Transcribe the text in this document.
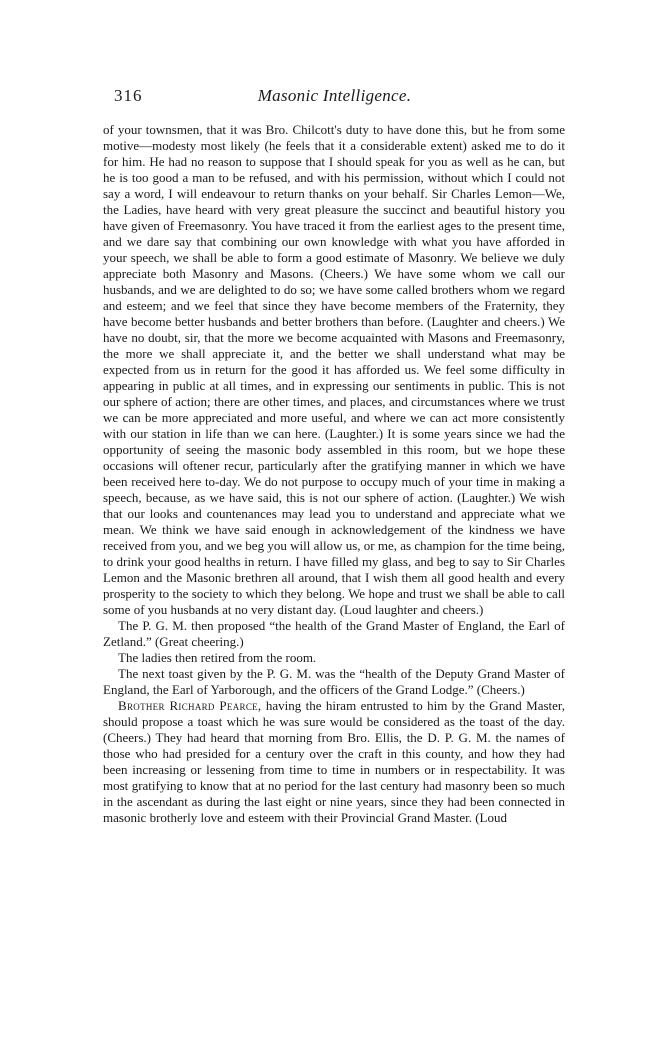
316	Masonic Intelligence.

of your townsmen, that it was Bro. Chilcott's duty to have done this, but he from some motive—modesty most likely (he feels that it a considerable extent) asked me to do it for him. He had no reason to suppose that I should speak for you as well as he can, but he is too good a man to be refused, and with his permission, without which I could not say a word, I will endeavour to return thanks on your behalf. Sir Charles Lemon—We, the Ladies, have heard with very great pleasure the succinct and beautiful history you have given of Freemasonry. You have traced it from the earliest ages to the present time, and we dare say that combining our own knowledge with what you have afforded in your speech, we shall be able to form a good estimate of Masonry. We believe we duly appreciate both Masonry and Masons. (Cheers.) We have some whom we call our husbands, and we are delighted to do so; we have some called brothers whom we regard and esteem; and we feel that since they have become members of the Fraternity, they have become better husbands and better brothers than before. (Laughter and cheers.) We have no doubt, sir, that the more we become acquainted with Masons and Freemasonry, the more we shall appreciate it, and the better we shall understand what may be expected from us in return for the good it has afforded us. We feel some difficulty in appearing in public at all times, and in expressing our sentiments in public. This is not our sphere of action; there are other times, and places, and circumstances where we trust we can be more appreciated and more useful, and where we can act more consistently with our station in life than we can here. (Laughter.) It is some years since we had the opportunity of seeing the masonic body assembled in this room, but we hope these occasions will oftener recur, particularly after the gratifying manner in which we have been received here to-day. We do not purpose to occupy much of your time in making a speech, because, as we have said, this is not our sphere of action. (Laughter.) We wish that our looks and countenances may lead you to understand and appreciate what we mean. We think we have said enough in acknowledgement of the kindness we have received from you, and we beg you will allow us, or me, as champion for the time being, to drink your good healths in return. I have filled my glass, and beg to say to Sir Charles Lemon and the Masonic brethren all around, that I wish them all good health and every prosperity to the society to which they belong. We hope and trust we shall be able to call some of you husbands at no very distant day. (Loud laughter and cheers.)

The P. G. M. then proposed “the health of the Grand Master of England, the Earl of Zetland.” (Great cheering.)

The ladies then retired from the room.

The next toast given by the P. G. M. was the “health of the Deputy Grand Master of England, the Earl of Yarborough, and the officers of the Grand Lodge.” (Cheers.)

Brother Richard Pearce, having the hiram entrusted to him by the Grand Master, should propose a toast which he was sure would be considered as the toast of the day. (Cheers.) They had heard that morning from Bro. Ellis, the D. P. G. M. the names of those who had presided for a century over the craft in this county, and how they had been increasing or lessening from time to time in numbers or in respectability. It was most gratifying to know that at no period for the last century had masonry been so much in the ascendant as during the last eight or nine years, since they had been connected in masonic brotherly love and esteem with their Provincial Grand Master. (Loud
